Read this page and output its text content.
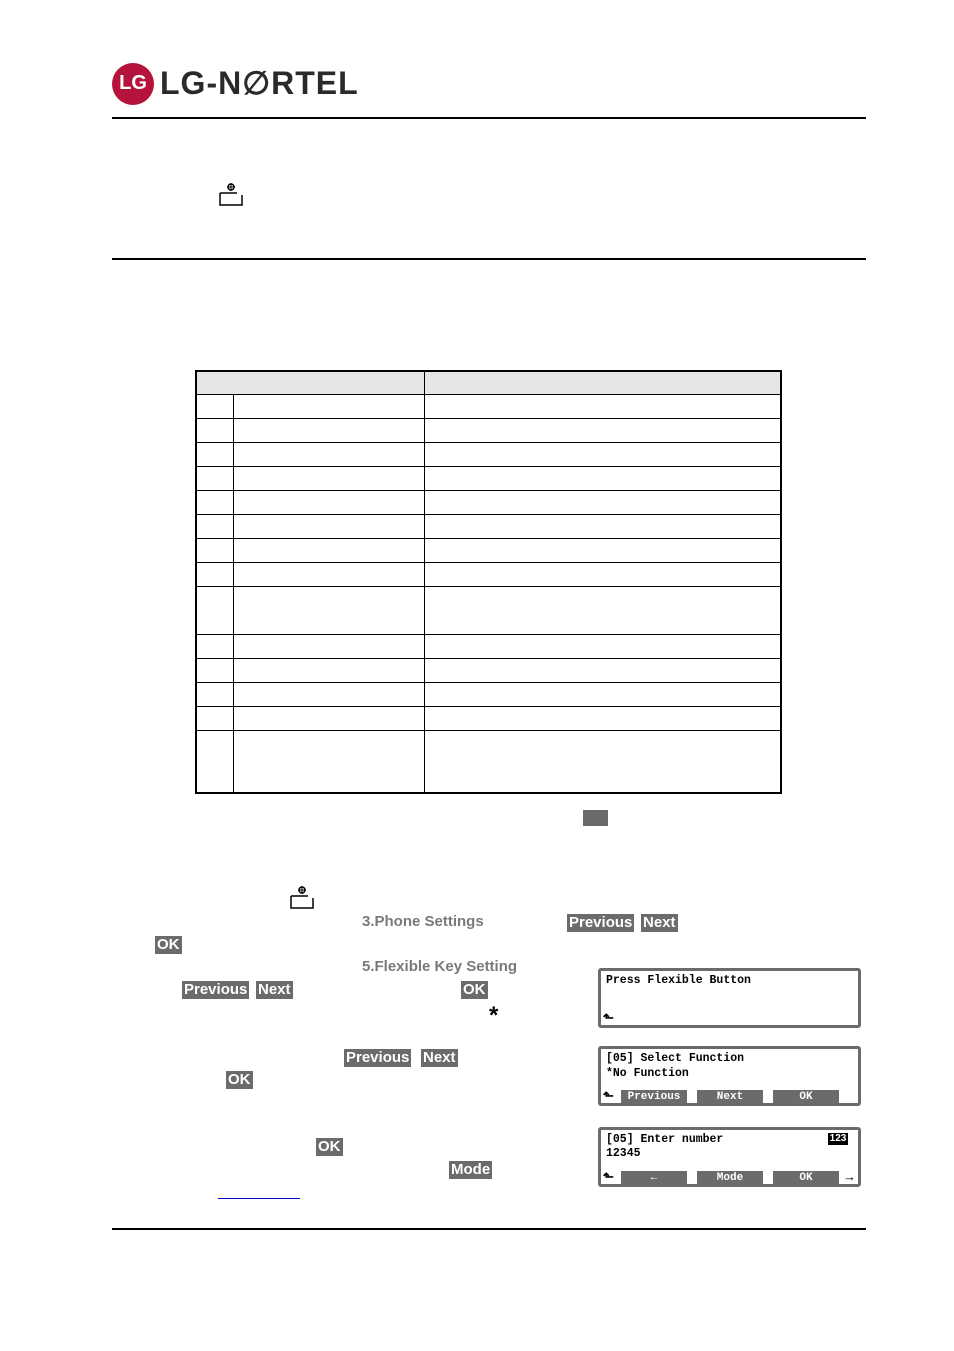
LG LG-N∅RTEL

3.Phone Settings	Previous Next
OK
5.Flexible Key Setting
Previous Next	OK
*
Previous Next
OK
OK
Mode
Press Flexible Button
⬑
[05] Select Function
*No Function
⬑	Previous	Next	OK
[05] Enter number	123
12345
⬑	←	Mode	OK	→
